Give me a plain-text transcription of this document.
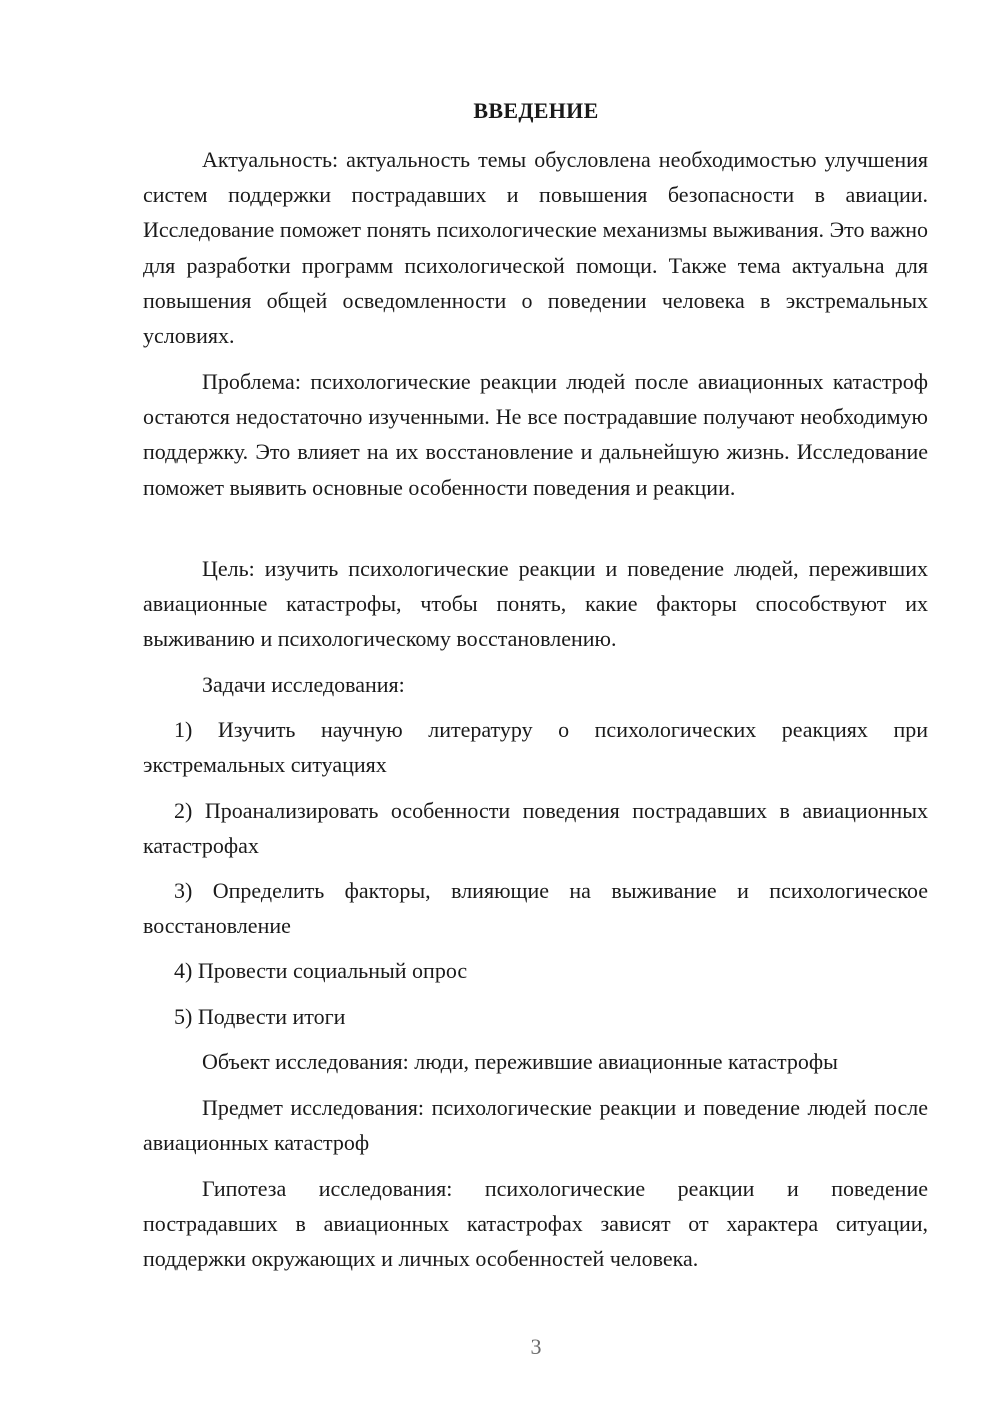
ВВЕДЕНИЕ

Актуальность: актуальность темы обусловлена необходимостью улучшения систем поддержки пострадавших и повышения безопасности в авиации. Исследование поможет понять психологические механизмы выживания. Это важно для разработки программ психологической помощи. Также тема актуальна для повышения общей осведомленности о поведении человека в экстремальных условиях.

Проблема: психологические реакции людей после авиационных катастроф остаются недостаточно изученными. Не все пострадавшие получают необходимую поддержку. Это влияет на их восстановление и дальнейшую жизнь. Исследование поможет выявить основные особенности поведения и реакции.

Цель: изучить психологические реакции и поведение людей, переживших авиационные катастрофы, чтобы понять, какие факторы способствуют их выживанию и психологическому восстановлению.

Задачи исследования:

1) Изучить научную литературу о психологических реакциях при экстремальных ситуациях

2) Проанализировать особенности поведения пострадавших в авиационных катастрофах

3) Определить факторы, влияющие на выживание и психологическое восстановление

4) Провести социальный опрос

5) Подвести итоги

Объект исследования: люди, пережившие авиационные катастрофы

Предмет исследования: психологические реакции и поведение людей после авиационных катастроф

Гипотеза исследования: психологические реакции и поведение пострадавших в авиационных катастрофах зависят от характера ситуации, поддержки окружающих и личных особенностей человека.

3
